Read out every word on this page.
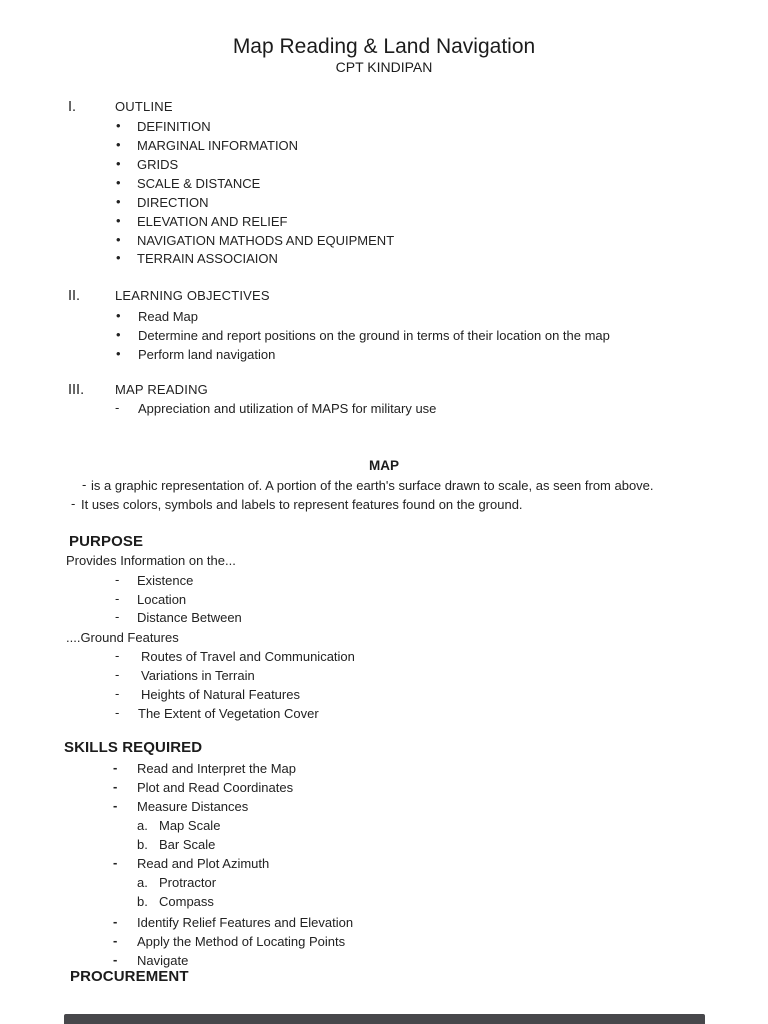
Map Reading & Land Navigation
CPT KINDIPAN
I.	OUTLINE
• DEFINITION
• MARGINAL INFORMATION
• GRIDS
• SCALE & DISTANCE
• DIRECTION
• ELEVATION AND RELIEF
• NAVIGATION MATHODS AND EQUIPMENT
• TERRAIN ASSOCIAION
II.	LEARNING OBJECTIVES
• Read Map
• Determine and report positions on the ground in terms of their location on the map
• Perform land navigation
III. MAP READING
- Appreciation and utilization of MAPS for military use
MAP
- is a graphic representation of. A portion of the earth's surface drawn to scale, as seen from above.
- It uses colors, symbols and labels to represent features found on the ground.
PURPOSE
Provides Information on the...
- Existence
- Location
- Distance Between
....Ground Features
- Routes of Travel and Communication
- Variations in Terrain
- Heights of Natural Features
- The Extent of Vegetation Cover
SKILLS REQUIRED
- Read and Interpret the Map
- Plot and Read Coordinates
- Measure Distances
a. Map Scale
b. Bar Scale
- Read and Plot Azimuth
a. Protractor
b. Compass
- Identify Relief Features and Elevation
- Apply the Method of Locating Points
- Navigate
PROCUREMENT
